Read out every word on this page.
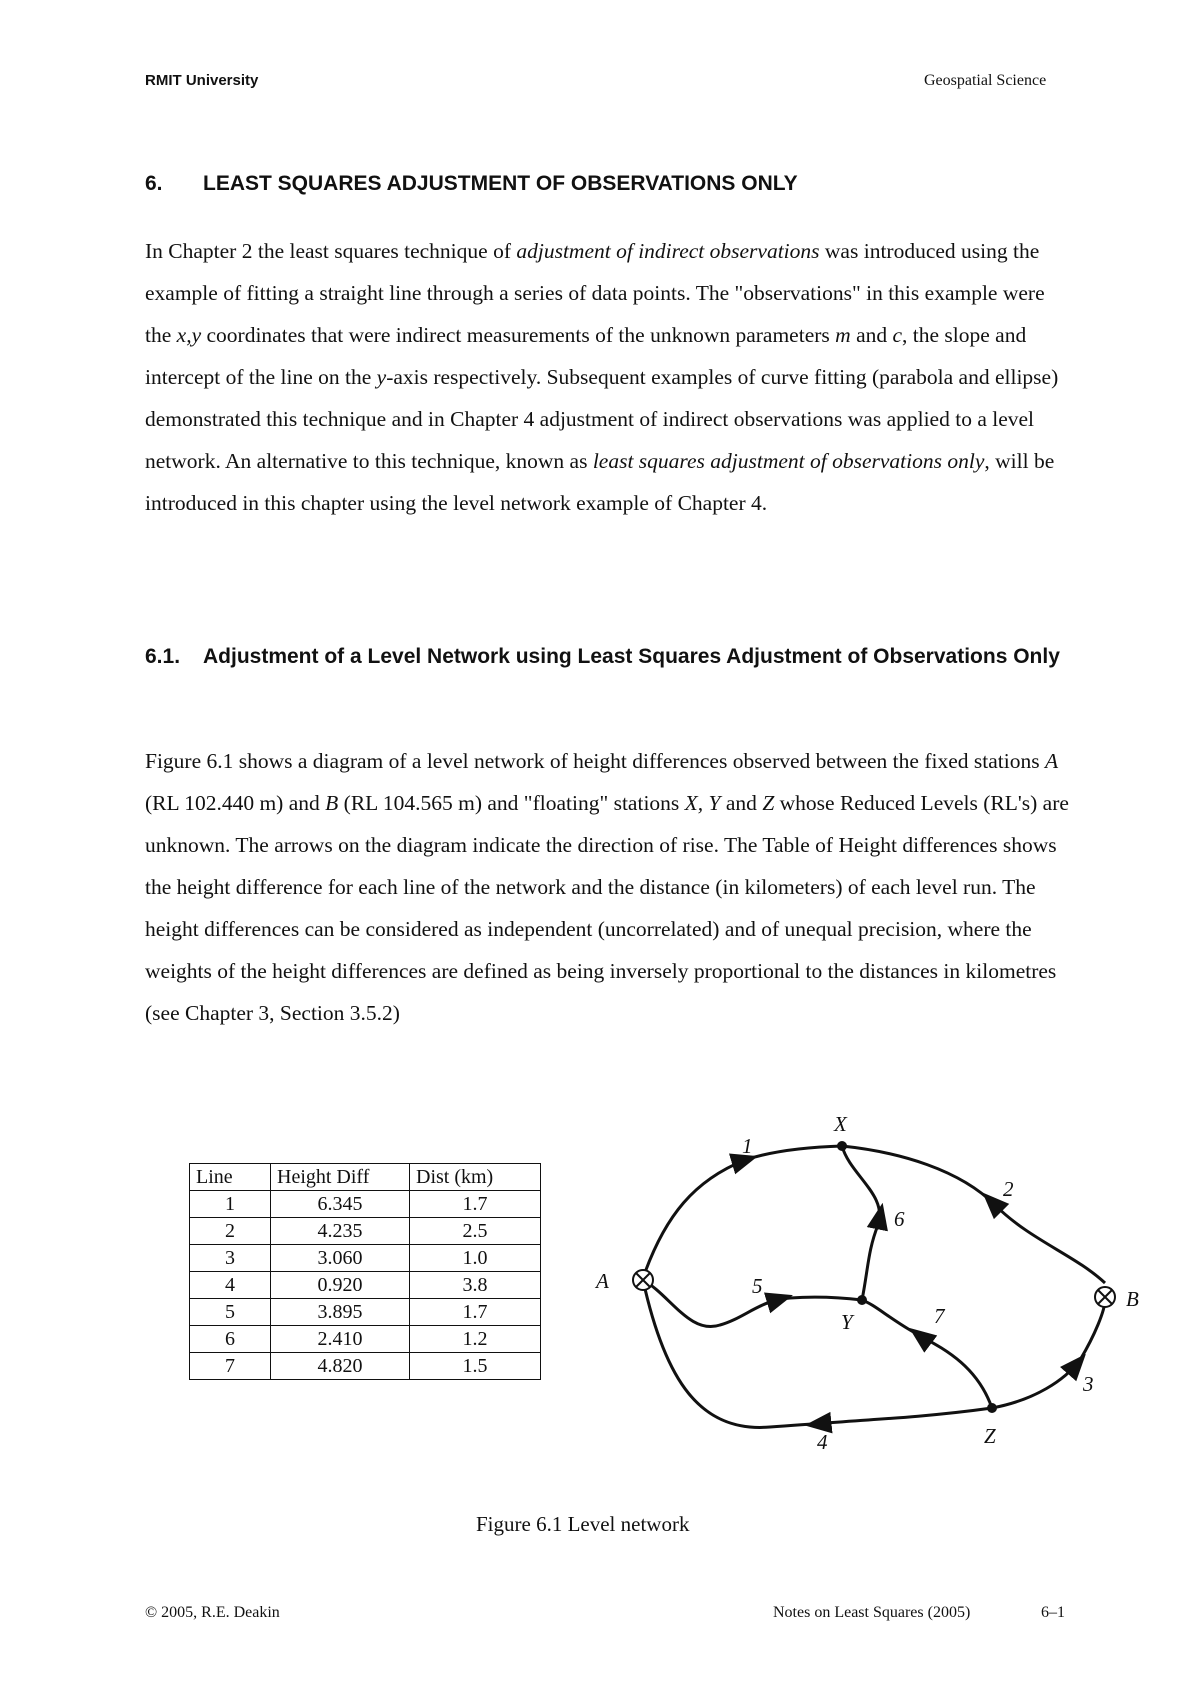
RMIT University	Geospatial Science
6. LEAST SQUARES ADJUSTMENT OF OBSERVATIONS ONLY

In Chapter 2 the least squares technique of adjustment of indirect observations was introduced using the example of fitting a straight line through a series of data points. The "observations" in this example were the x,y coordinates that were indirect measurements of the unknown parameters m and c, the slope and intercept of the line on the y-axis respectively. Subsequent examples of curve fitting (parabola and ellipse) demonstrated this technique and in Chapter 4 adjustment of indirect observations was applied to a level network. An alternative to this technique, known as least squares adjustment of observations only, will be introduced in this chapter using the level network example of Chapter 4.

6.1. Adjustment of a Level Network using Least Squares Adjustment of Observations Only

Figure 6.1 shows a diagram of a level network of height differences observed between the fixed stations A (RL 102.440 m) and B (RL 104.565 m) and "floating" stations X, Y and Z whose Reduced Levels (RL's) are unknown. The arrows on the diagram indicate the direction of rise. The Table of Height differences shows the height difference for each line of the network and the distance (in kilometers) of each level run. The height differences can be considered as independent (uncorrelated) and of unequal precision, where the weights of the height differences are defined as being inversely proportional to the distances in kilometres (see Chapter 3, Section 3.5.2)

Line	Height Diff	Dist (km)
1	6.345	1.7
2	4.235	2.5
3	3.060	1.0
4	0.920	3.8
5	3.895	1.7
6	2.410	1.2
7	4.820	1.5
A
B
X
Y
Z
1
2
3
4
5
6
7
Figure 6.1 Level network
© 2005, R.E. Deakin	Notes on Least Squares (2005)	6–1
